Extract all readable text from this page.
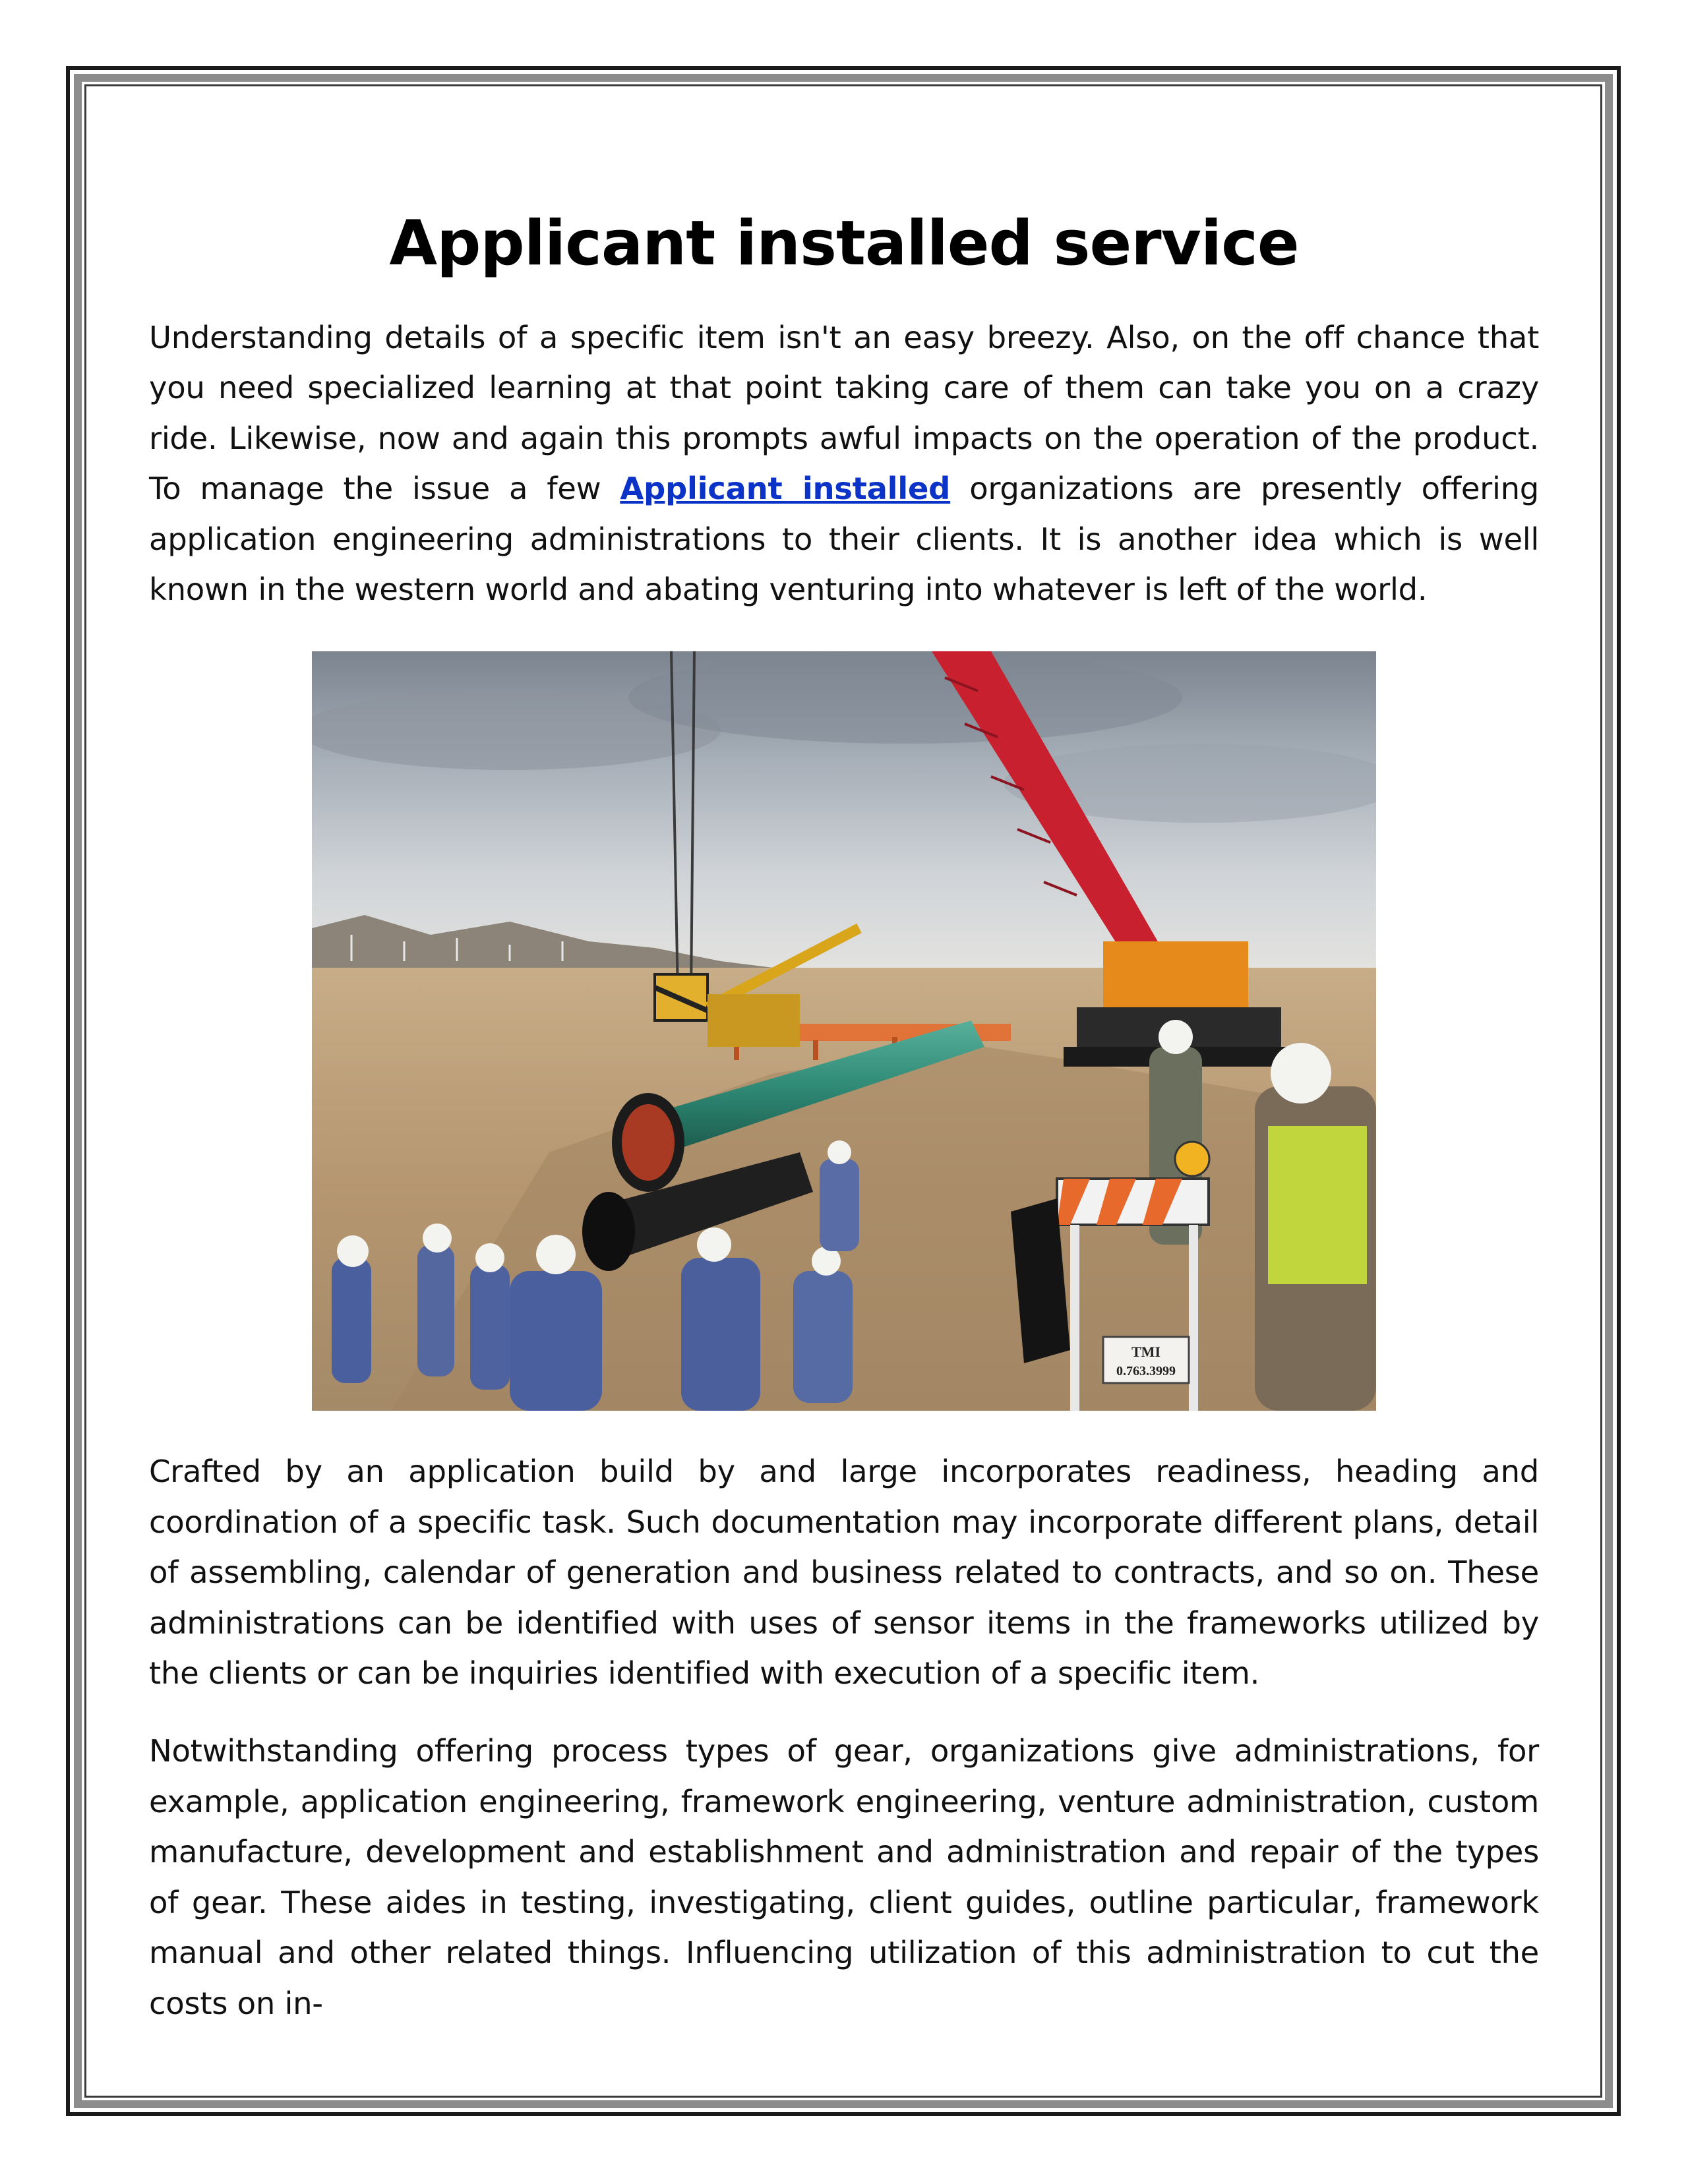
Applicant installed service

Understanding details of a specific item isn't an easy breezy. Also, on the off chance that you need specialized learning at that point taking care of them can take you on a crazy ride. Likewise, now and again this prompts awful impacts on the operation of the product. To manage the issue a few Applicant installed organizations are presently offering application engineering administrations to their clients. It is another idea which is well known in the western world and abating venturing into whatever is left of the world.

TMI
0.763.3999

Crafted by an application build by and large incorporates readiness, heading and coordination of a specific task. Such documentation may incorporate different plans, detail of assembling, calendar of generation and business related to contracts, and so on. These administrations can be identified with uses of sensor items in the frameworks utilized by the clients or can be inquiries identified with execution of a specific item.

Notwithstanding offering process types of gear, organizations give administrations, for example, application engineering, framework engineering, venture administration, custom manufacture, development and establishment and administration and repair of the types of gear. These aides in testing, investigating, client guides, outline particular, framework manual and other related things. Influencing utilization of this administration to cut the costs on in-
